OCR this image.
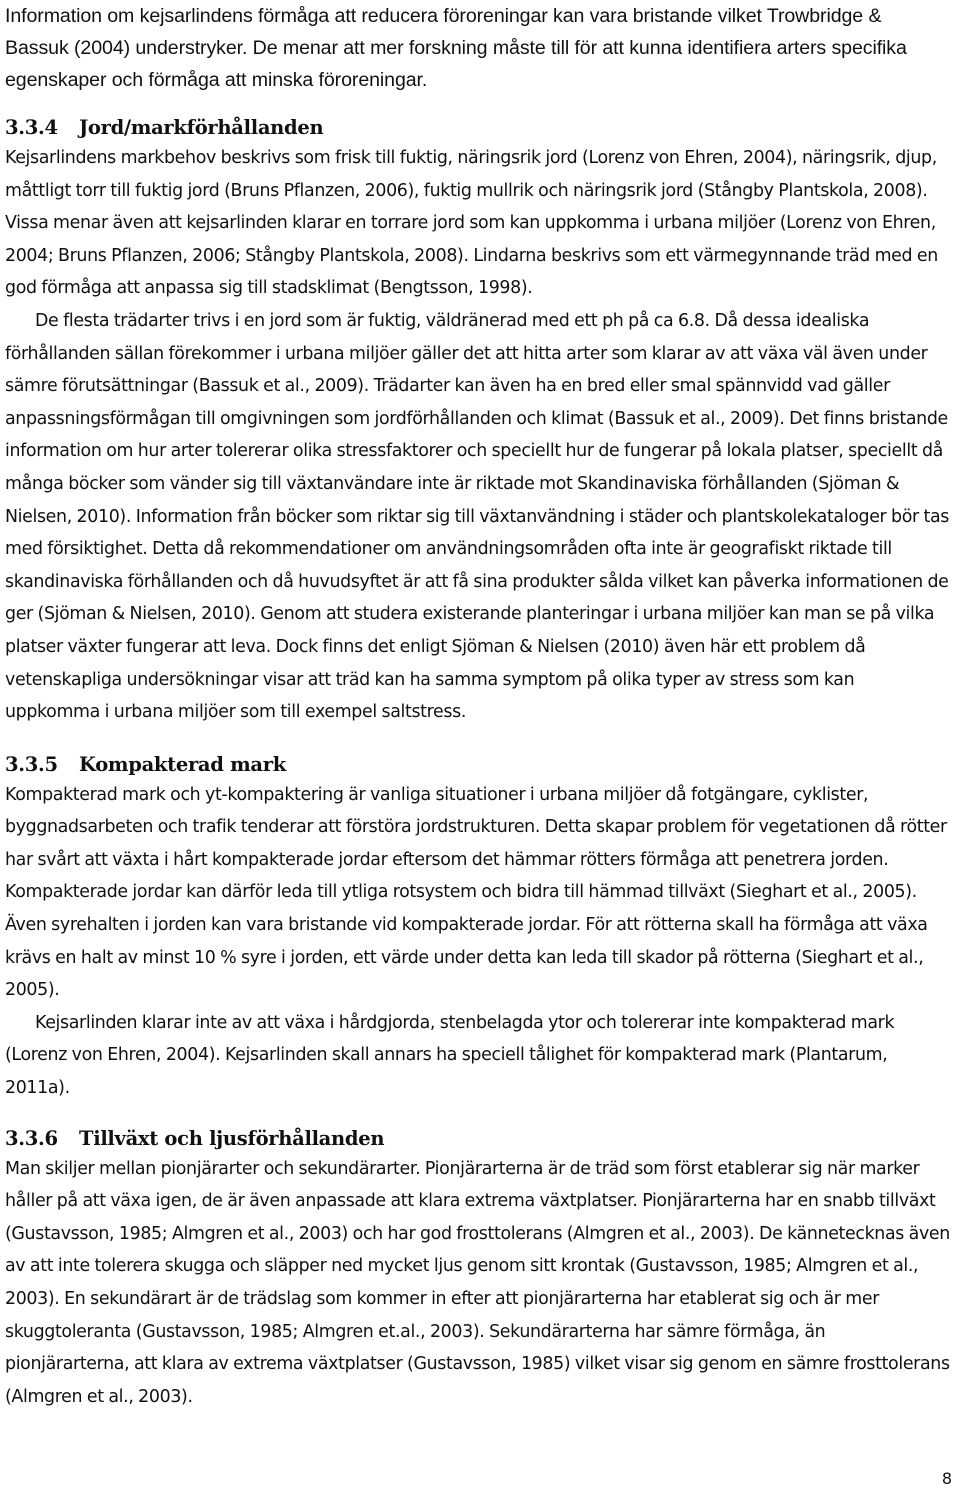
Information om kejsarlindens förmåga att reducera föroreningar kan vara bristande vilket Trowbridge & Bassuk (2004) understryker. De menar att mer forskning måste till för att kunna identifiera arters specifika egenskaper och förmåga att minska föroreningar.

3.3.4	Jord/markförhållanden

Kejsarlindens markbehov beskrivs som frisk till fuktig, näringsrik jord (Lorenz von Ehren, 2004), näringsrik, djup, måttligt torr till fuktig jord (Bruns Pflanzen, 2006), fuktig mullrik och näringsrik jord (Stångby Plantskola, 2008). Vissa menar även att kejsarlinden klarar en torrare jord som kan uppkomma i urbana miljöer (Lorenz von Ehren, 2004; Bruns Pflanzen, 2006; Stångby Plantskola, 2008). Lindarna beskrivs som ett värmegynnande träd med en god förmåga att anpassa sig till stadsklimat (Bengtsson, 1998).

De flesta trädarter trivs i en jord som är fuktig, väldränerad med ett ph på ca 6.8. Då dessa idealiska förhållanden sällan förekommer i urbana miljöer gäller det att hitta arter som klarar av att växa väl även under sämre förutsättningar (Bassuk et al., 2009). Trädarter kan även ha en bred eller smal spännvidd vad gäller anpassningsförmågan till omgivningen som jordförhållanden och klimat (Bassuk et al., 2009). Det finns bristande information om hur arter tolererar olika stressfaktorer och speciellt hur de fungerar på lokala platser, speciellt då många böcker som vänder sig till växtanvändare inte är riktade mot Skandinaviska förhållanden (Sjöman & Nielsen, 2010). Information från böcker som riktar sig till växtanvändning i städer och plantskolekataloger bör tas med försiktighet. Detta då rekommendationer om användningsområden ofta inte är geografiskt riktade till skandinaviska förhållanden och då huvudsyftet är att få sina produkter sålda vilket kan påverka informationen de ger (Sjöman & Nielsen, 2010). Genom att studera existerande planteringar i urbana miljöer kan man se på vilka platser växter fungerar att leva. Dock finns det enligt Sjöman & Nielsen (2010) även här ett problem då vetenskapliga undersökningar visar att träd kan ha samma symptom på olika typer av stress som kan uppkomma i urbana miljöer som till exempel saltstress.

3.3.5	Kompakterad mark

Kompakterad mark och yt-kompaktering är vanliga situationer i urbana miljöer då fotgängare, cyklister, byggnadsarbeten och trafik tenderar att förstöra jordstrukturen. Detta skapar problem för vegetationen då rötter har svårt att växta i hårt kompakterade jordar eftersom det hämmar rötters förmåga att penetrera jorden. Kompakterade jordar kan därför leda till ytliga rotsystem och bidra till hämmad tillväxt (Sieghart et al., 2005). Även syrehalten i jorden kan vara bristande vid kompakterade jordar. För att rötterna skall ha förmåga att växa krävs en halt av minst 10 % syre i jorden, ett värde under detta kan leda till skador på rötterna (Sieghart et al., 2005).

Kejsarlinden klarar inte av att växa i hårdgjorda, stenbelagda ytor och tolererar inte kompakterad mark (Lorenz von Ehren, 2004). Kejsarlinden skall annars ha speciell tålighet för kompakterad mark (Plantarum, 2011a).

3.3.6	Tillväxt och ljusförhållanden

Man skiljer mellan pionjärarter och sekundärarter. Pionjärarterna är de träd som först etablerar sig när marker håller på att växa igen, de är även anpassade att klara extrema växtplatser. Pionjärarterna har en snabb tillväxt (Gustavsson, 1985; Almgren et al., 2003) och har god frosttolerans (Almgren et al., 2003). De kännetecknas även av att inte tolerera skugga och släpper ned mycket ljus genom sitt krontak (Gustavsson, 1985; Almgren et al., 2003). En sekundärart är de trädslag som kommer in efter att pionjärarterna har etablerat sig och är mer skuggtoleranta (Gustavsson, 1985; Almgren et.al., 2003). Sekundärarterna har sämre förmåga, än pionjärarterna, att klara av extrema växtplatser (Gustavsson, 1985) vilket visar sig genom en sämre frosttolerans (Almgren et al., 2003).

8
